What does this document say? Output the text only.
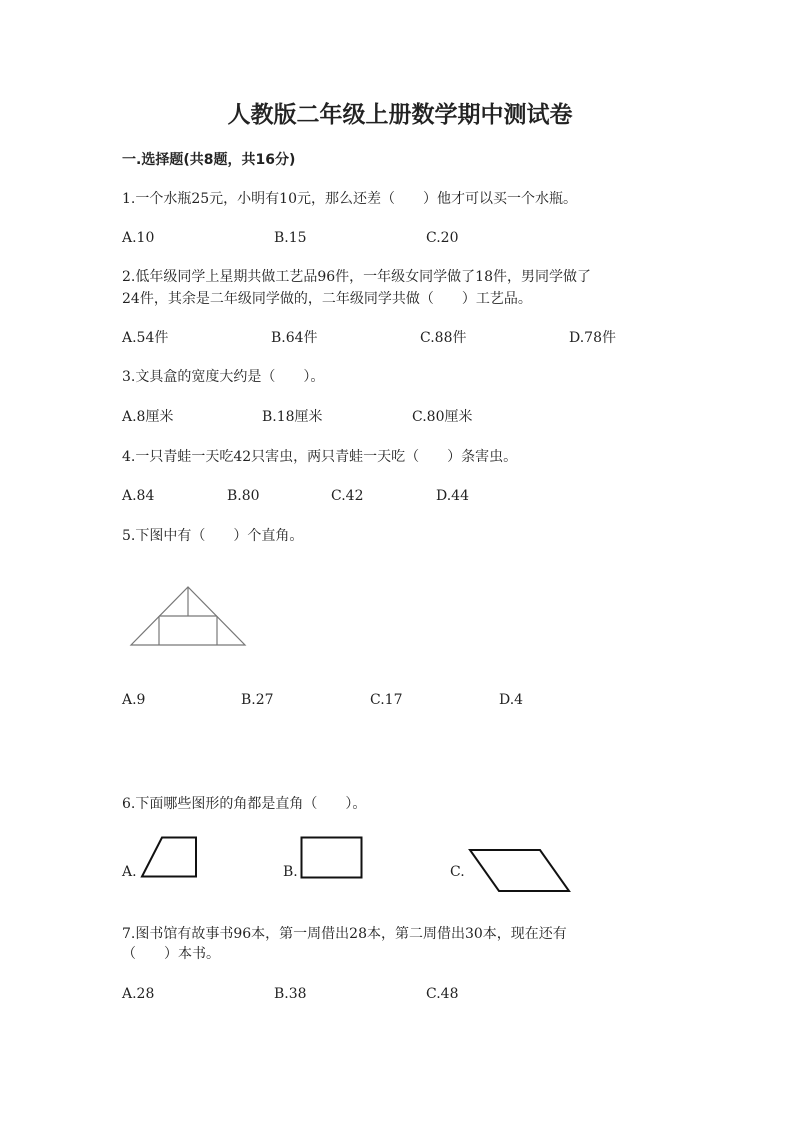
人教版二年级上册数学期中测试卷
一.选择题(共8题，共16分)
1.一个水瓶25元，小明有10元，那么还差（　　）他才可以买一个水瓶。
A.10	B.15	C.20
2.低年级同学上星期共做工艺品96件，一年级女同学做了18件，男同学做了
24件，其余是二年级同学做的，二年级同学共做（　　）工艺品。
A.54件	B.64件	C.88件	D.78件
3.文具盒的宽度大约是（　　）。
A.8厘米	B.18厘米	C.80厘米
4.一只青蛙一天吃42只害虫，两只青蛙一天吃（　　）条害虫。
A.84	B.80	C.42	D.44
5.下图中有（　　）个直角。
A.9	B.27	C.17	D.4
6.下面哪些图形的角都是直角（　　）。
A.	B.	C.
7.图书馆有故事书96本，第一周借出28本，第二周借出30本，现在还有
（　　）本书。
A.28	B.38	C.48
